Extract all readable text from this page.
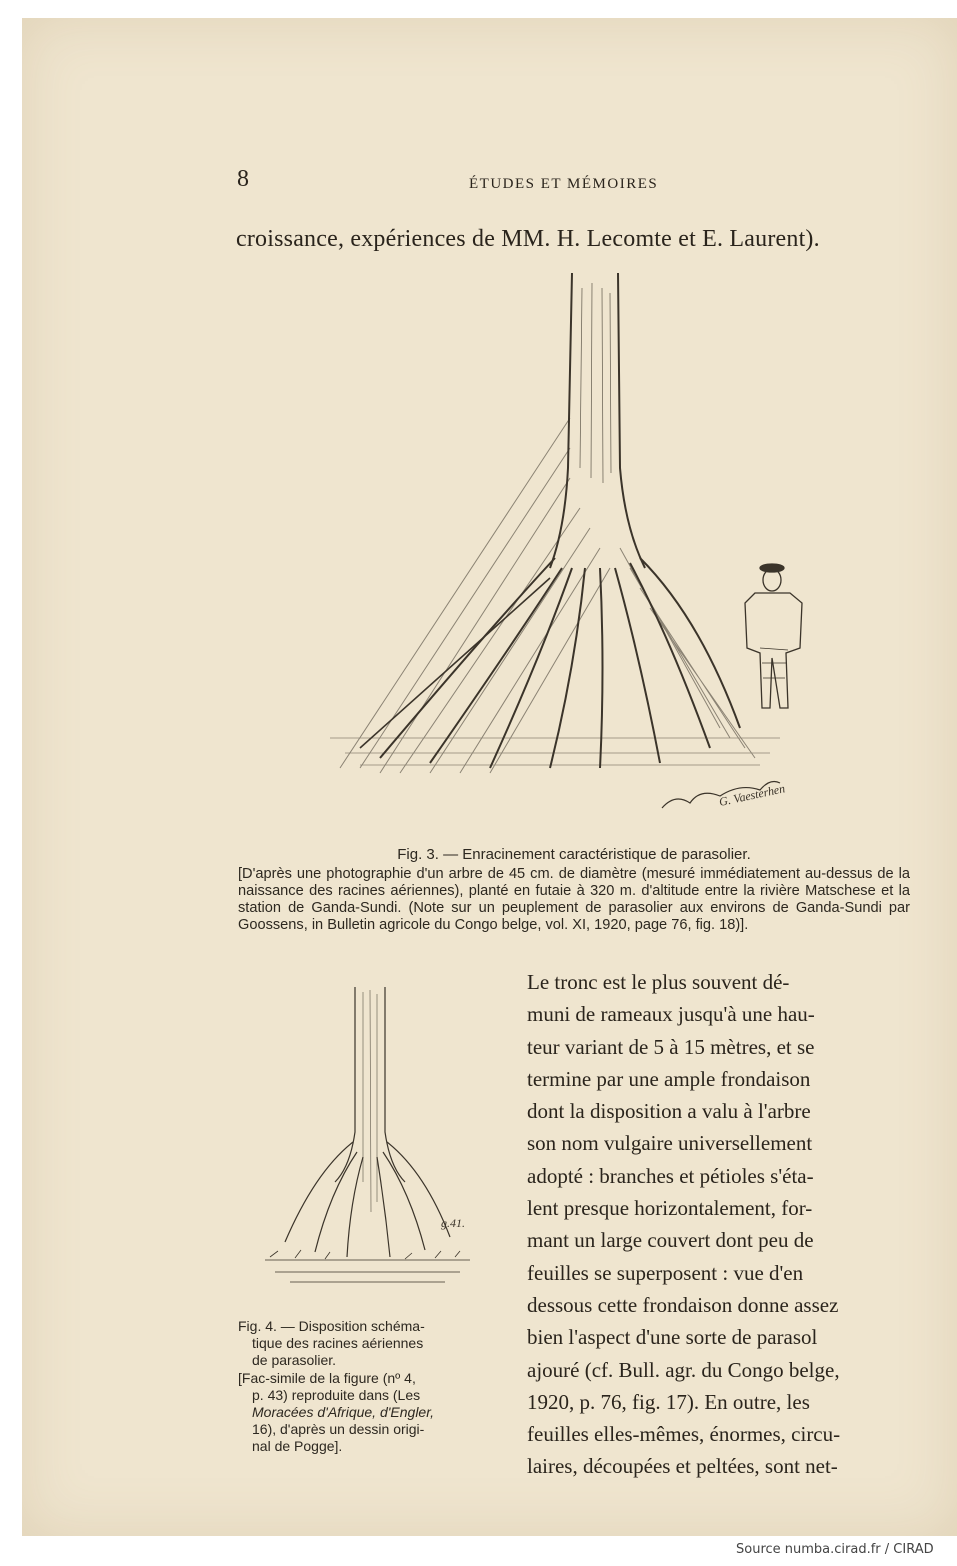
8	ÉTUDES ET MÉMOIRES
croissance, expériences de MM. H. Lecomte et E. Laurent).
G. Vaesterhen
Fig. 3. — Enracinement caractéristique de parasolier.
[D'après une photographie d'un arbre de 45 cm. de diamètre (mesuré immédiatement au-dessus de la naissance des racines aériennes), planté en futaie à 320 m. d'altitude entre la rivière Matschese et la station de Ganda-Sundi. (Note sur un peuplement de parasolier aux environs de Ganda-Sundi par Goossens, in Bulletin agricole du Congo belge, vol. XI, 1920, page 76, fig. 18)].
g.41.
Fig. 4. — Disposition schéma-
tique des racines aériennes
de parasolier.
[Fac-simile de la figure (nº 4,
p. 43) reproduite dans (Les
Moracées d'Afrique, d'Engler,
16), d'après un dessin origi-
nal de Pogge].
Le tronc est le plus souvent dé-
muni de rameaux jusqu'à une hau-
teur variant de 5 à 15 mètres, et se
termine par une ample frondaison
dont la disposition a valu à l'arbre
son nom vulgaire universellement
adopté : branches et pétioles s'éta-
lent presque horizontalement, for-
mant un large couvert dont peu de
feuilles se superposent : vue d'en
dessous cette frondaison donne assez
bien l'aspect d'une sorte de parasol
ajouré (cf. Bull. agr. du Congo belge,
1920, p. 76, fig. 17). En outre, les
feuilles elles-mêmes, énormes, circu-
laires, découpées et peltées, sont net-
Source numba.cirad.fr / CIRAD
